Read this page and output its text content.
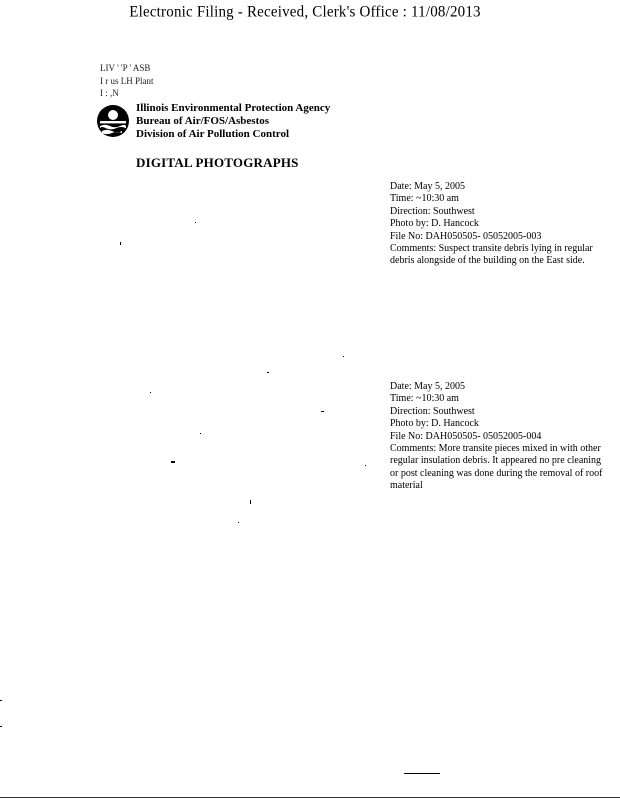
Electronic Filing - Received, Clerk's Office : 11/08/2013
LIV ' 'P ' ASB
I r us LH Plant
I : ,N
Illinois Environmental Protection Agency
Bureau of Air/FOS/Asbestos
Division of Air Pollution Control
DIGITAL PHOTOGRAPHS
Date: May 5, 2005
Time: ~10:30 am
Direction: Southwest
Photo by: D. Hancock
File No: DAH050505- 05052005-003
Comments: Suspect transite debris lying in regular debris alongside of the building on the East side.
Date: May 5, 2005
Time: ~10:30 am
Direction: Southwest
Photo by: D. Hancock
File No: DAH050505- 05052005-004
Comments: More transite pieces mixed in with other regular insulation debris. It appeared no pre cleaning or post cleaning was done during the removal of roof material
